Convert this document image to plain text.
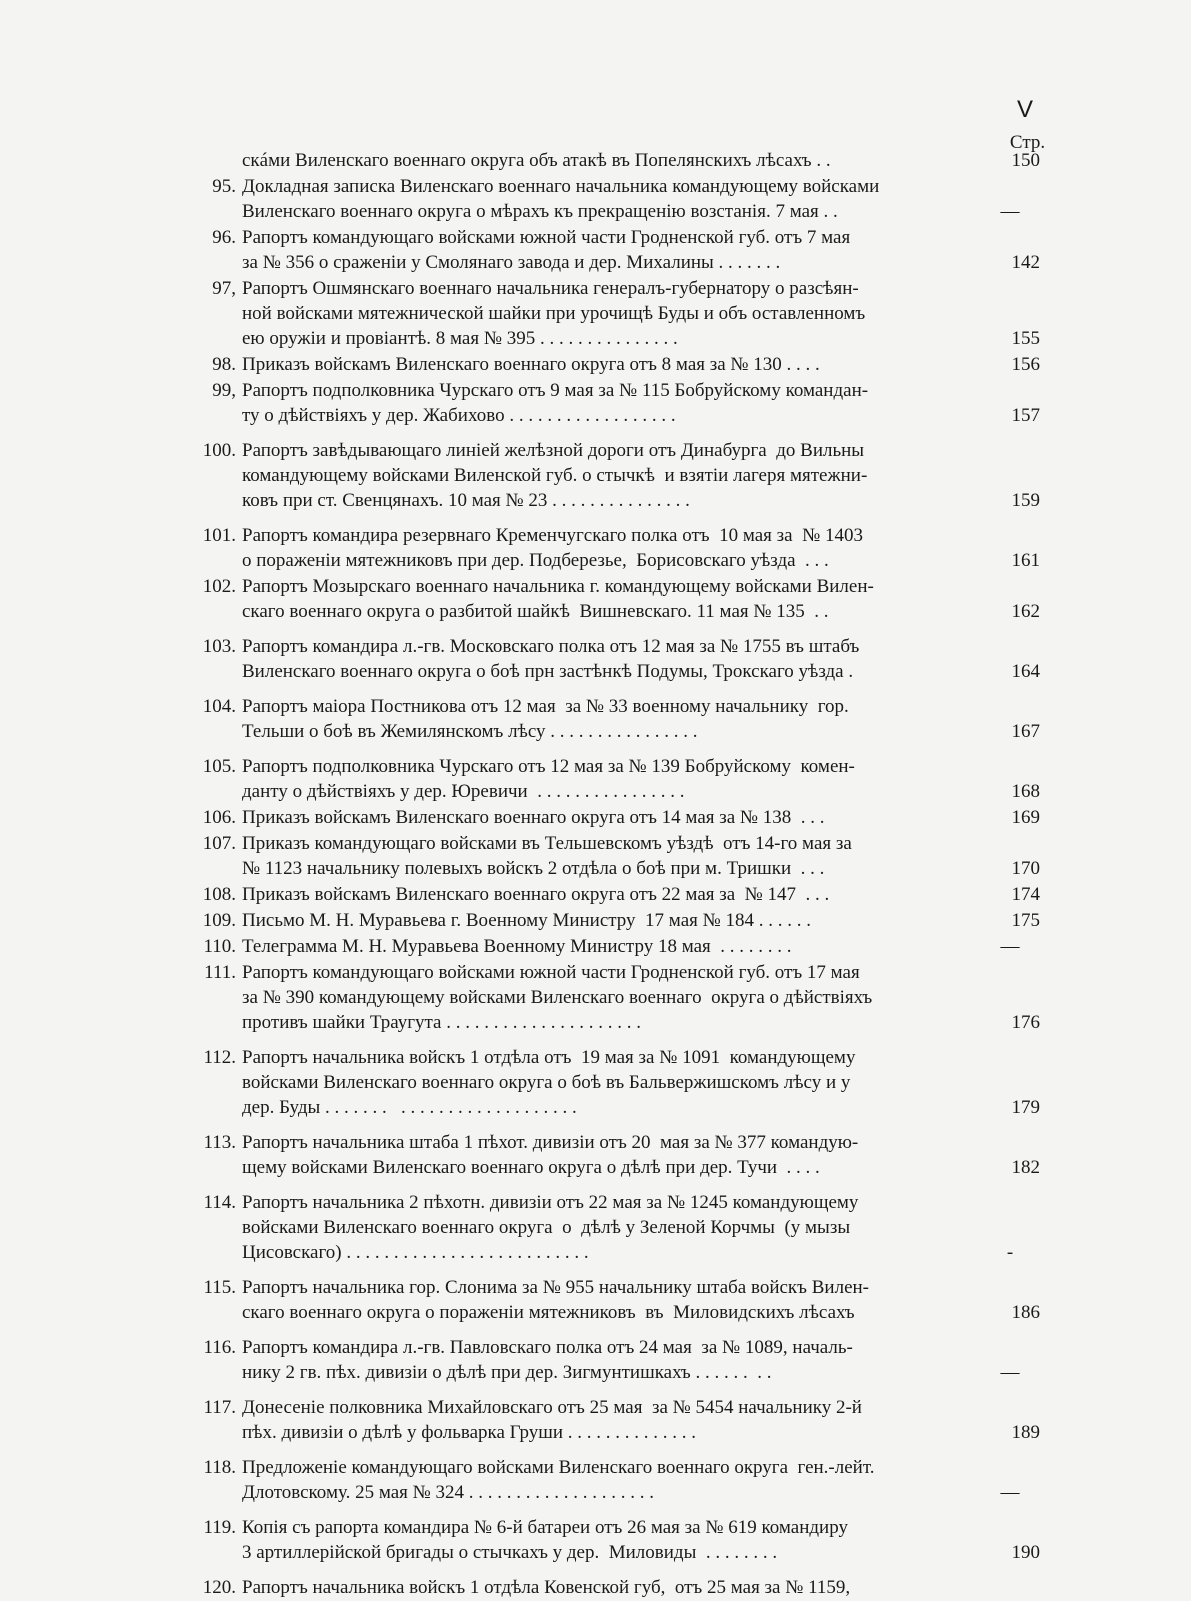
V
Стр.
скáми Виленскаго военнаго округа объ атакѣ въ Попелянскихъ лѣсахъ . .	150
95. Докладная записка Виленскаго военнаго начальника командующему войсками
Виленскаго военнаго округа о мѣрахъ къ прекращенію возстанія. 7 мая . .	—
96. Рапортъ командующаго войсками южной части Гродненской губ. отъ 7 мая
за № 356 о сраженіи у Смолянаго завода и дер. Михалины . . . . . . .	142
97, Рапортъ Ошмянскаго военнаго начальника генералъ-губернатору о разсѣян-
ной войсками мятежнической шайки при урочищѣ Буды и объ оставленномъ
ею оружіи и провіантѣ. 8 мая № 395 . . . . . . . . . . . . . . .	155
98. Приказъ войскамъ Виленскаго военнаго округа отъ 8 мая за № 130 . . . .	156
99, Рапортъ подполковника Чурскаго отъ 9 мая за № 115 Бобруйскому командан-
ту о дѣйствіяхъ у дер. Жабихово . . . . . . . . . . . . . . . . . .	157
100. Рапортъ завѣдывающаго линіей желѣзной дороги отъ Динабурга  до Вильны
командующему войсками Виленской губ. о стычкѣ  и взятіи лагеря мятежни-
ковъ при ст. Свенцянахъ. 10 мая № 23 . . . . . . . . . . . . . . .	159
101. Рапортъ командира резервнаго Кременчугскаго полка отъ  10 мая за  № 1403
о пораженіи мятежниковъ при дер. Подберезье,  Борисовскаго уѣзда  . . .	161
102. Рапортъ Мозырскаго военнаго начальника г. командующему войсками Вилен-
скаго военнаго округа о разбитой шайкѣ  Вишневскаго. 11 мая № 135  . .	162
103. Рапортъ командира л.-гв. Московскаго полка отъ 12 мая за № 1755 въ штабъ
Виленскаго военнаго округа о боѣ прн застѣнкѣ Подумы, Трокскаго уѣзда .	164
104. Рапортъ маіора Постникова отъ 12 мая  за № 33 военному начальнику  гор.
Тельши о боѣ въ Жемилянскомъ лѣсу . . . . . . . . . . . . . . . .	167
105. Рапортъ подполковника Чурскаго отъ 12 мая за № 139 Бобруйскому  комен-
данту о дѣйствіяхъ у дер. Юревичи  . . . . . . . . . . . . . . . .	168
106. Приказъ войскамъ Виленскаго военнаго округа отъ 14 мая за № 138  . . .	169
107. Приказъ командующаго войсками въ Тельшевскомъ уѣздѣ  отъ 14-го мая за
№ 1123 начальнику полевыхъ войскъ 2 отдѣла о боѣ при м. Тришки  . . .	170
108. Приказъ войскамъ Виленскаго военнаго округа отъ 22 мая за  № 147  . . .	174
109. Письмо М. Н. Муравьева г. Военному Министру  17 мая № 184 . . . . . .	175
110. Телеграмма М. Н. Муравьева Военному Министру 18 мая  . . . . . . . .	—
111. Рапортъ командующаго войсками южной части Гродненской губ. отъ 17 мая
за № 390 командующему войсками Виленскаго военнаго  округа о дѣйствіяхъ
противъ шайки Траугута . . . . . . . . . . . . . . . . . . . . .	176
112. Рапортъ начальника войскъ 1 отдѣла отъ  19 мая за № 1091  командующему
войсками Виленскаго военнаго округа о боѣ въ Бальвержишскомъ лѣсу и у
дер. Буды . . . . . . .   . . . . . . . . . . . . . . . . . . .	179
113. Рапортъ начальника штаба 1 пѣхот. дивизіи отъ 20  мая за № 377 командую-
щему войсками Виленскаго военнаго округа о дѣлѣ при дер. Тучи  . . . .	182
114. Рапортъ начальника 2 пѣхотн. дивизіи отъ 22 мая за № 1245 командующему
войсками Виленскаго военнаго округа  о  дѣлѣ у Зеленой Корчмы  (у мызы
Цисовскаго) . . . . . . . . . . . . . . . . . . . . . . . . . .	-
115. Рапортъ начальника гор. Слонима за № 955 начальнику штаба войскъ Вилен-
скаго военнаго округа о пораженіи мятежниковъ  въ  Миловидскихъ лѣсахъ	186
116. Рапортъ командира л.-гв. Павловскаго полка отъ 24 мая  за № 1089, началь-
нику 2 гв. пѣх. дивизіи о дѣлѣ при дер. Зигмунтишкахъ . . . . . .  . .	—
117. Донесеніе полковника Михайловскаго отъ 25 мая  за № 5454 начальнику 2-й
пѣх. дивизіи о дѣлѣ у фольварка Груши . . . . . . . . . . . . . .	189
118. Предложеніе командующаго войсками Виленскаго военнаго округа  ген.-лейт.
Длотовскому. 25 мая № 324 . . . . . . . . . . . . . . . . . . . .	—
119. Копія съ рапорта командира № 6-й батареи отъ 26 мая за № 619 командиру
3 артиллерійской бригады о стычкахъ у дер.  Миловиды  . . . . . . . .	190
120. Рапортъ начальника войскъ 1 отдѣла Ковенской губ,  отъ 25 мая за № 1159,
